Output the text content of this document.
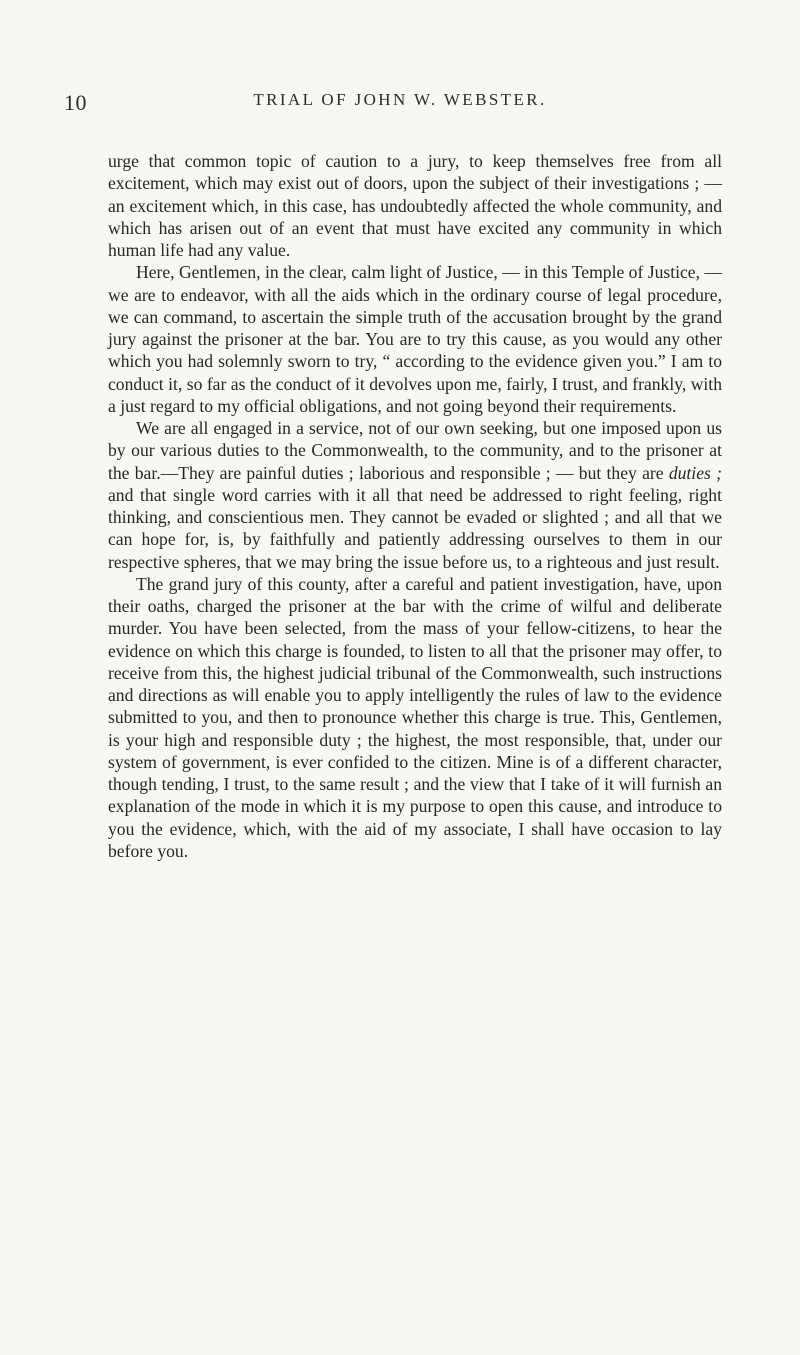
10	TRIAL OF JOHN W. WEBSTER.

urge that common topic of caution to a jury, to keep themselves free from all excitement, which may exist out of doors, upon the subject of their investigations ; — an excitement which, in this case, has undoubtedly affected the whole community, and which has arisen out of an event that must have excited any community in which human life had any value.

Here, Gentlemen, in the clear, calm light of Justice, — in this Temple of Justice, — we are to endeavor, with all the aids which in the ordinary course of legal procedure, we can command, to ascertain the simple truth of the accusation brought by the grand jury against the prisoner at the bar. You are to try this cause, as you would any other which you had solemnly sworn to try, “ according to the evidence given you.” I am to conduct it, so far as the conduct of it devolves upon me, fairly, I trust, and frankly, with a just regard to my official obligations, and not going beyond their requirements.

We are all engaged in a service, not of our own seeking, but one imposed upon us by our various duties to the Commonwealth, to the community, and to the prisoner at the bar.—They are painful duties ; laborious and responsible ; — but they are duties ; and that single word carries with it all that need be addressed to right feeling, right thinking, and conscientious men. They cannot be evaded or slighted ; and all that we can hope for, is, by faithfully and patiently addressing ourselves to them in our respective spheres, that we may bring the issue before us, to a righteous and just result.

The grand jury of this county, after a careful and patient investigation, have, upon their oaths, charged the prisoner at the bar with the crime of wilful and deliberate murder. You have been selected, from the mass of your fellow-citizens, to hear the evidence on which this charge is founded, to listen to all that the prisoner may offer, to receive from this, the highest judicial tribunal of the Commonwealth, such instructions and directions as will enable you to apply intelligently the rules of law to the evidence submitted to you, and then to pronounce whether this charge is true. This, Gentlemen, is your high and responsible duty ; the highest, the most responsible, that, under our system of government, is ever confided to the citizen. Mine is of a different character, though tending, I trust, to the same result ; and the view that I take of it will furnish an explanation of the mode in which it is my purpose to open this cause, and introduce to you the evidence, which, with the aid of my associate, I shall have occasion to lay before you.
